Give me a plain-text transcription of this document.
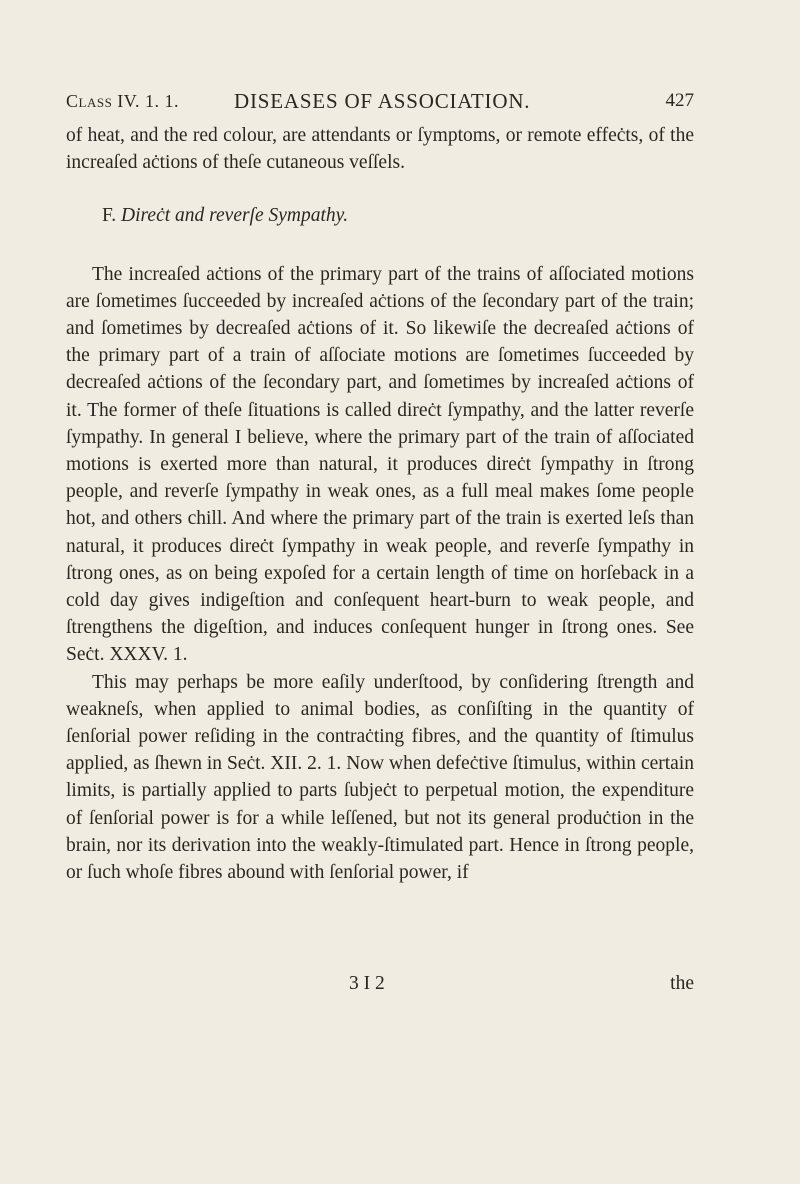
Class IV. 1. 1.	DISEASES OF ASSOCIATION.	427

of heat, and the red colour, are attendants or ſymptoms, or remote effeċts, of the increaſed aċtions of theſe cutaneous veſſels.

F. Direċt and reverſe Sympathy.

The increaſed aċtions of the primary part of the trains of aſſociated motions are ſometimes ſucceeded by increaſed aċtions of the ſecondary part of the train; and ſometimes by decreaſed aċtions of it. So likewiſe the decreaſed aċtions of the primary part of a train of aſſociate motions are ſometimes ſucceeded by decreaſed aċtions of the ſecondary part, and ſometimes by increaſed aċtions of it. The former of theſe ſituations is called direċt ſympathy, and the latter reverſe ſympathy. In general I believe, where the primary part of the train of aſſociated motions is exerted more than natural, it produces direċt ſympathy in ſtrong people, and reverſe ſympathy in weak ones, as a full meal makes ſome people hot, and others chill. And where the primary part of the train is exerted leſs than natural, it produces direċt ſympathy in weak people, and reverſe ſympathy in ſtrong ones, as on being expoſed for a certain length of time on horſeback in a cold day gives indigeſtion and conſequent heart-burn to weak people, and ſtrengthens the digeſtion, and induces conſequent hunger in ſtrong ones. See Seċt. XXXV. 1.

This may perhaps be more eaſily underſtood, by conſidering ſtrength and weakneſs, when applied to animal bodies, as conſiſting in the quantity of ſenſorial power reſiding in the contraċting fibres, and the quantity of ſtimulus applied, as ſhewn in Seċt. XII. 2. 1. Now when defeċtive ſtimulus, within certain limits, is partially applied to parts ſubjeċt to perpetual motion, the expenditure of ſenſorial power is for a while leſſened, but not its general produċtion in the brain, nor its derivation into the weakly-ſtimulated part. Hence in ſtrong people, or ſuch whoſe fibres abound with ſenſorial power, if

3 I 2	the
